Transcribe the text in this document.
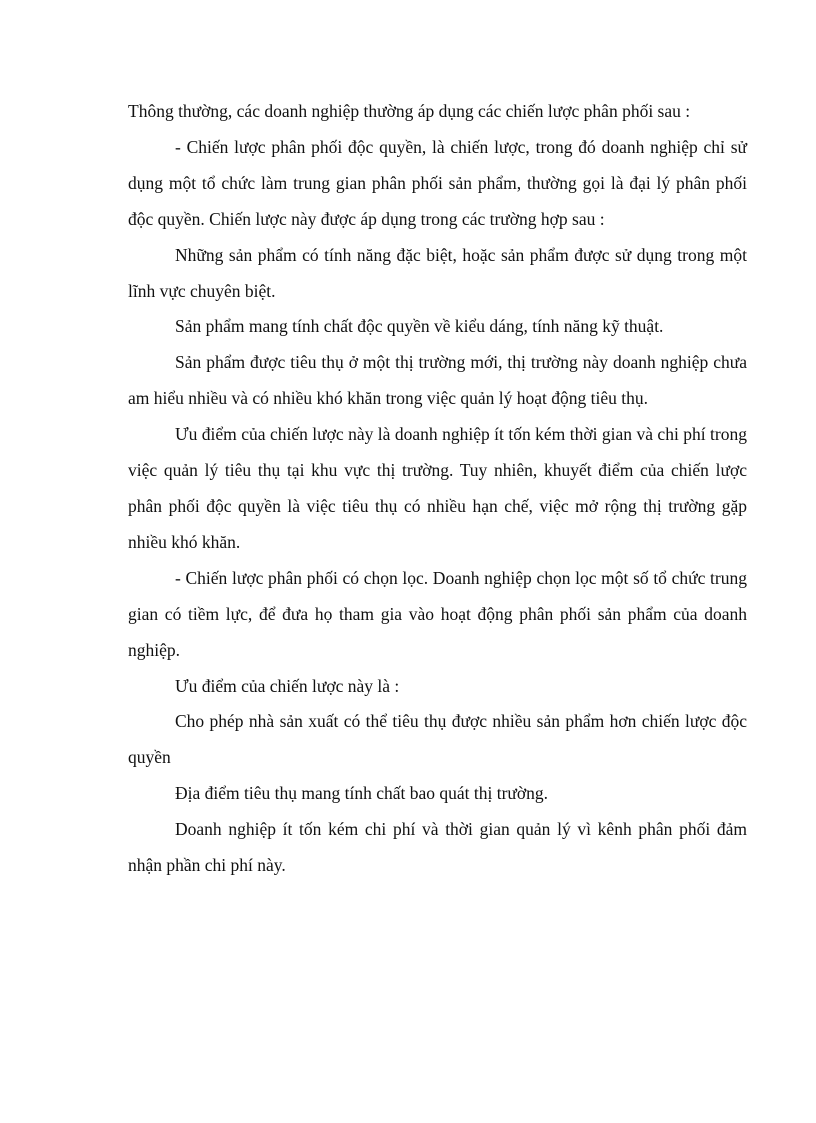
Thông thường, các doanh nghiệp thường áp dụng các chiến lược phân phối sau :

- Chiến lược phân phối độc quyền, là chiến lược, trong đó doanh nghiệp chỉ sử dụng một tổ chức làm trung gian phân phối sản phẩm, thường gọi là đại lý phân phối độc quyền. Chiến lược này được áp dụng trong các trường hợp sau :

Những sản phẩm có tính năng đặc biệt, hoặc sản phẩm được sử dụng trong một lĩnh vực chuyên biệt.

Sản phẩm mang tính chất độc quyền về kiểu dáng, tính năng kỹ thuật.

Sản phẩm được tiêu thụ ở một thị trường mới, thị trường này doanh nghiệp chưa am hiểu nhiều và có nhiều khó khăn trong việc quản lý hoạt động tiêu thụ.

Ưu điểm của chiến lược này là doanh nghiệp ít tốn kém thời gian và chi phí trong việc quản lý tiêu thụ tại khu vực thị trường. Tuy nhiên, khuyết điểm của chiến lược phân phối độc quyền là việc tiêu thụ có nhiều hạn chế, việc mở rộng thị trường gặp nhiều khó khăn.

- Chiến lược phân phối có chọn lọc. Doanh nghiệp chọn lọc một số tổ chức trung gian có tiềm lực, để đưa họ tham gia vào hoạt động phân phối sản phẩm của doanh nghiệp.

Ưu điểm của chiến lược này là :

Cho phép nhà sản xuất có thể tiêu thụ được nhiều sản phẩm hơn chiến lược độc quyền

Địa điểm tiêu thụ mang tính chất bao quát thị trường.

Doanh nghiệp ít tốn kém chi phí và thời gian quản lý vì kênh phân phối đảm nhận phần chi phí này.
